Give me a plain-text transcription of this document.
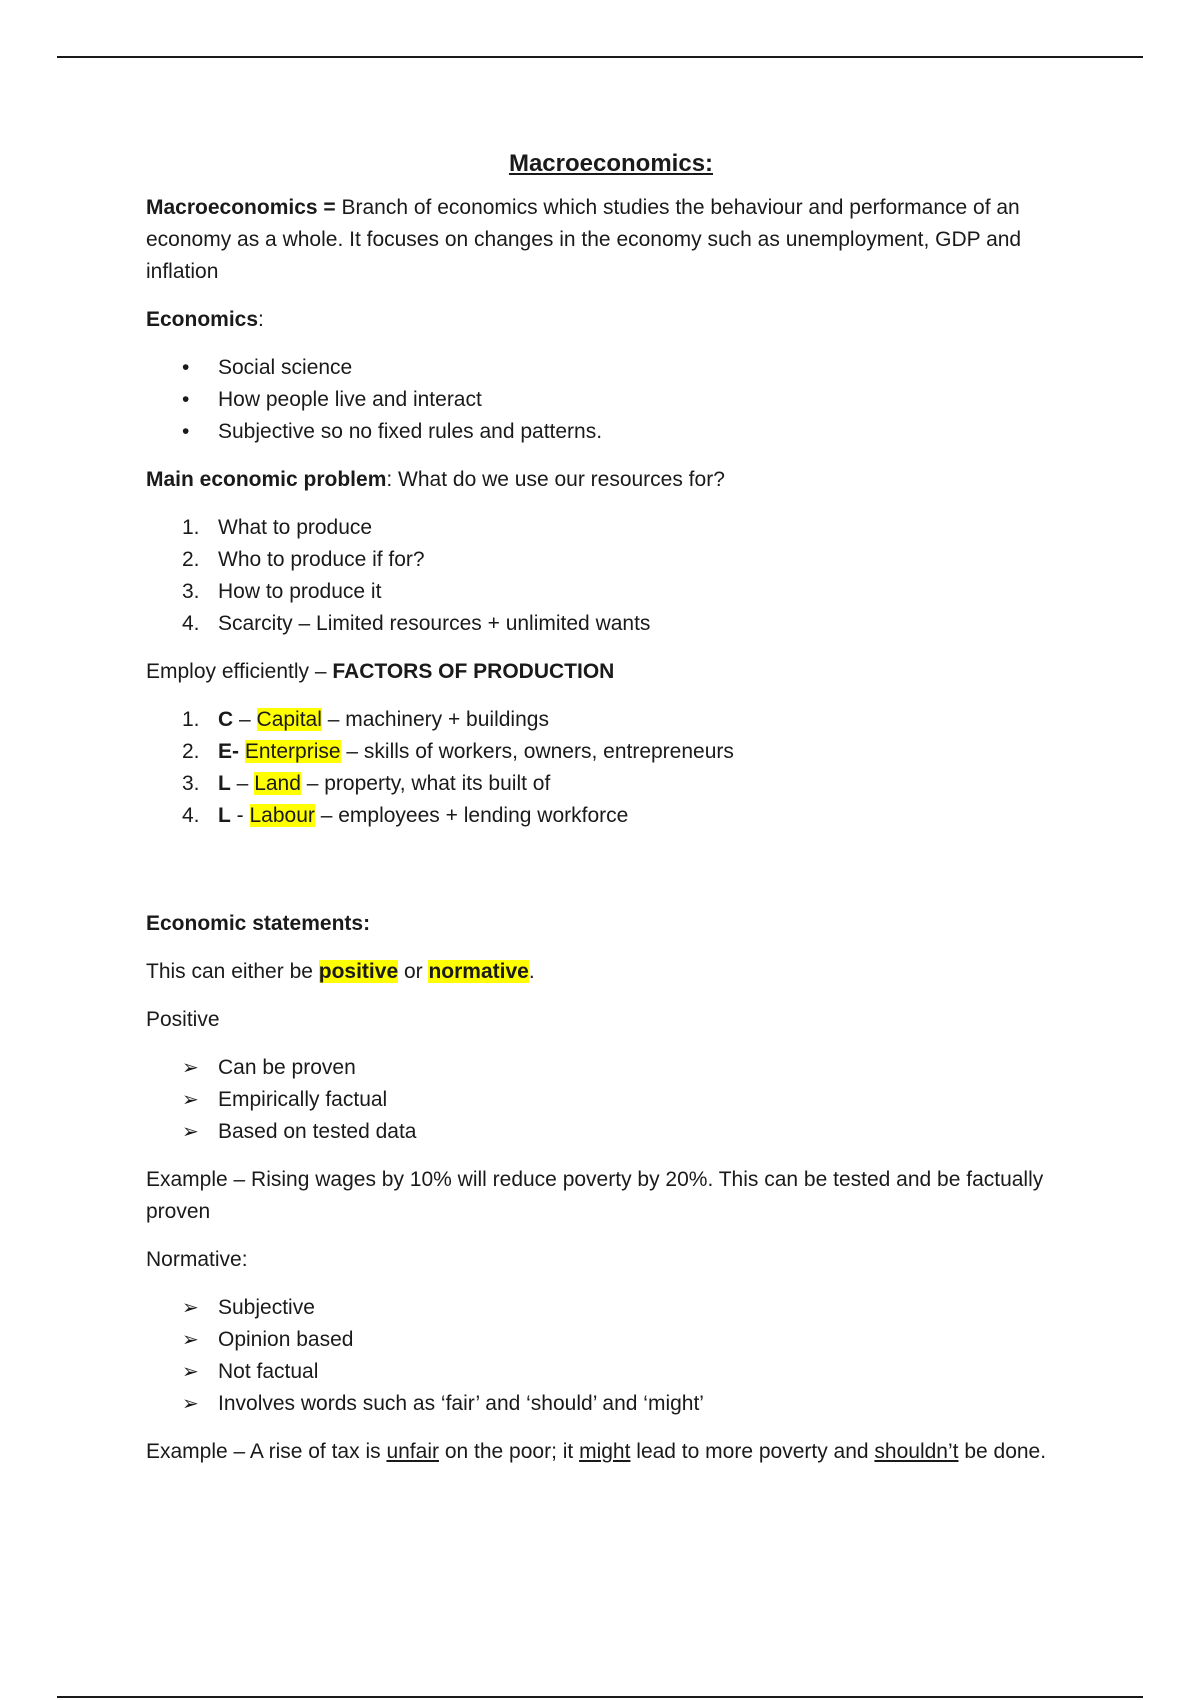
Macroeconomics:

Macroeconomics = Branch of economics which studies the behaviour and performance of an economy as a whole. It focuses on changes in the economy such as unemployment, GDP and inflation

Economics:

• Social science
• How people live and interact
• Subjective so no fixed rules and patterns.

Main economic problem: What do we use our resources for?

1. What to produce
2. Who to produce if for?
3. How to produce it
4. Scarcity – Limited resources + unlimited wants

Employ efficiently – FACTORS OF PRODUCTION

1. C – Capital – machinery + buildings
2. E- Enterprise – skills of workers, owners, entrepreneurs
3. L – Land – property, what its built of
4. L - Labour – employees + lending workforce

Economic statements:

This can either be positive or normative.

Positive

➢ Can be proven
➢ Empirically factual
➢ Based on tested data

Example – Rising wages by 10% will reduce poverty by 20%. This can be tested and be factually proven

Normative:

➢ Subjective
➢ Opinion based
➢ Not factual
➢ Involves words such as ‘fair’ and ‘should’ and ‘might’

Example – A rise of tax is unfair on the poor; it might lead to more poverty and shouldn’t be done.
